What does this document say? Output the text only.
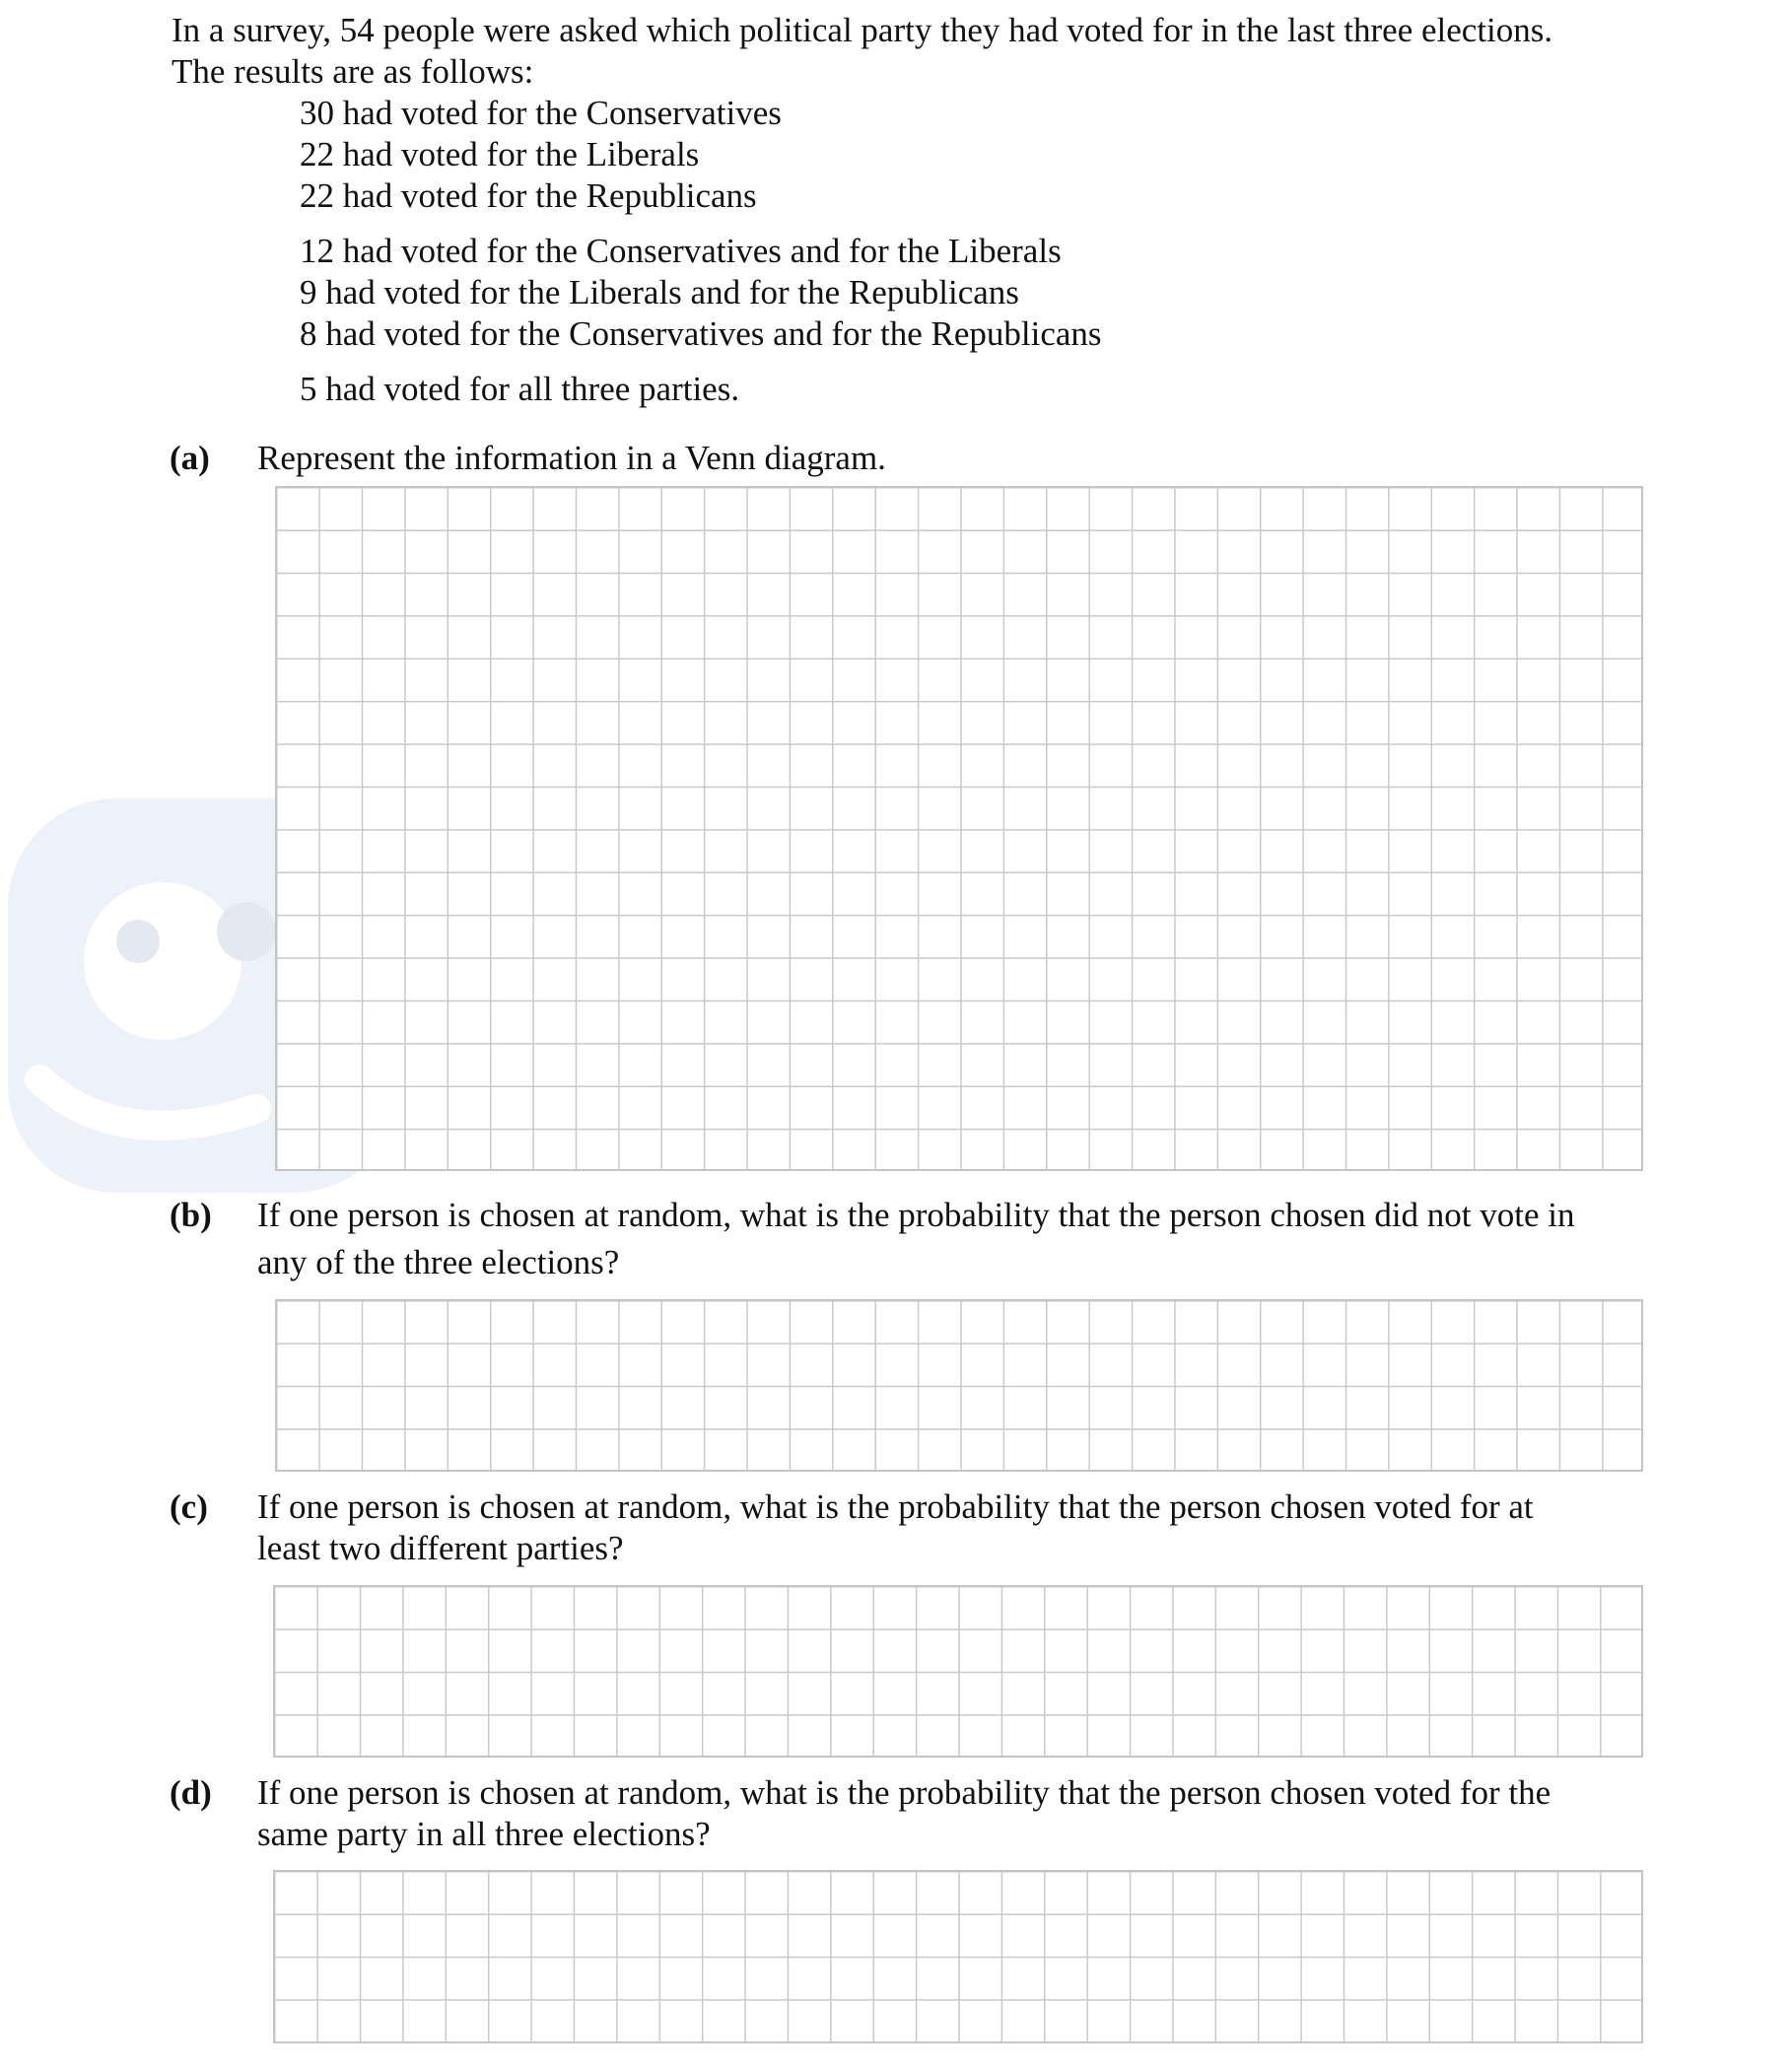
In a survey, 54 people were asked which political party they had voted for in the last three elections.
The results are as follows:
30 had voted for the Conservatives
22 had voted for the Liberals
22 had voted for the Republicans
12 had voted for the Conservatives and for the Liberals
9 had voted for the Liberals and for the Republicans
8 had voted for the Conservatives and for the Republicans
5 had voted for all three parties.
(a) Represent the information in a Venn diagram.
(b) If one person is chosen at random, what is the probability that the person chosen did not vote in
any of the three elections?
(c) If one person is chosen at random, what is the probability that the person chosen voted for at
least two different parties?
(d) If one person is chosen at random, what is the probability that the person chosen voted for the
same party in all three elections?
